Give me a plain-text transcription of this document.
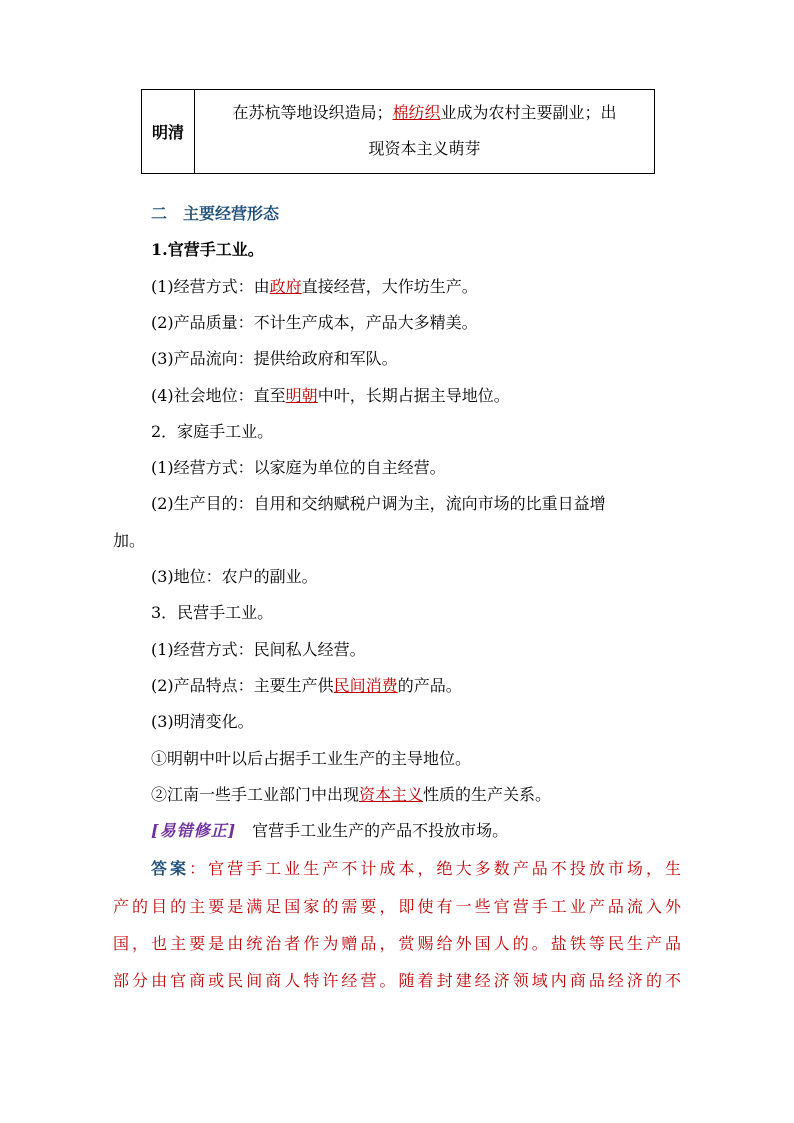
明清	在苏杭等地设织造局；棉纺织业成为农村主要副业；出
现资本主义萌芽
二　主要经营形态
1.官营手工业。
(1)经营方式：由政府直接经营，大作坊生产。
(2)产品质量：不计生产成本，产品大多精美。
(3)产品流向：提供给政府和军队。
(4)社会地位：直至明朝中叶，长期占据主导地位。
2．家庭手工业。
(1)经营方式：以家庭为单位的自主经营。
(2)生产目的：自用和交纳赋税户调为主，流向市场的比重日益增
加。
(3)地位：农户的副业。
3．民营手工业。
(1)经营方式：民间私人经营。
(2)产品特点：主要生产供民间消费的产品。
(3)明清变化。
①明朝中叶以后占据手工业生产的主导地位。
②江南一些手工业部门中出现资本主义性质的生产关系。
[易错修正] 官营手工业生产的产品不投放市场。
答案：官营手工业生产不计成本，绝大多数产品不投放市场，生
产的目的主要是满足国家的需要，即使有一些官营手工业产品流入外
国，也主要是由统治者作为赠品，赏赐给外国人的。盐铁等民生产品
部分由官商或民间商人特许经营。随着封建经济领域内商品经济的不
